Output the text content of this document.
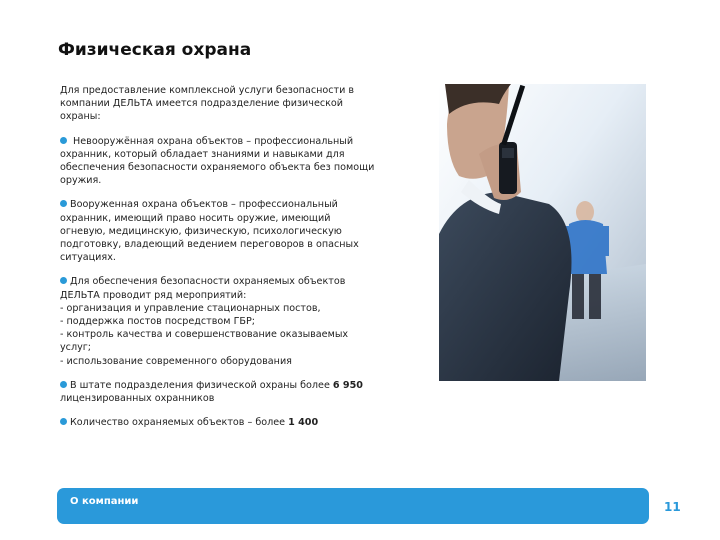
Физическая охрана
Для предоставление комплексной услуги безопасности в
компании ДЕЛЬТА имеется подразделение физической
охраны:
Невооружённая охрана объектов – профессиональный
охранник, который обладает знаниями и навыками для
обеспечения безопасности охраняемого объекта без помощи
оружия.
Вооруженная охрана объектов – профессиональный
охранник, имеющий право носить оружие, имеющий
огневую, медицинскую, физическую, психологическую
подготовку, владеющий ведением переговоров в опасных
ситуациях.
Для обеспечения безопасности охраняемых объектов
ДЕЛЬТА проводит ряд мероприятий:
- организация и управление стационарных постов,
- поддержка постов посредством ГБР;
- контроль качества и совершенствование оказываемых
услуг;
- использование современного оборудования
В штате подразделения физической охраны более 6 950
лицензированных охранников
Количество охраняемых объектов – более 1 400
О компании	11
